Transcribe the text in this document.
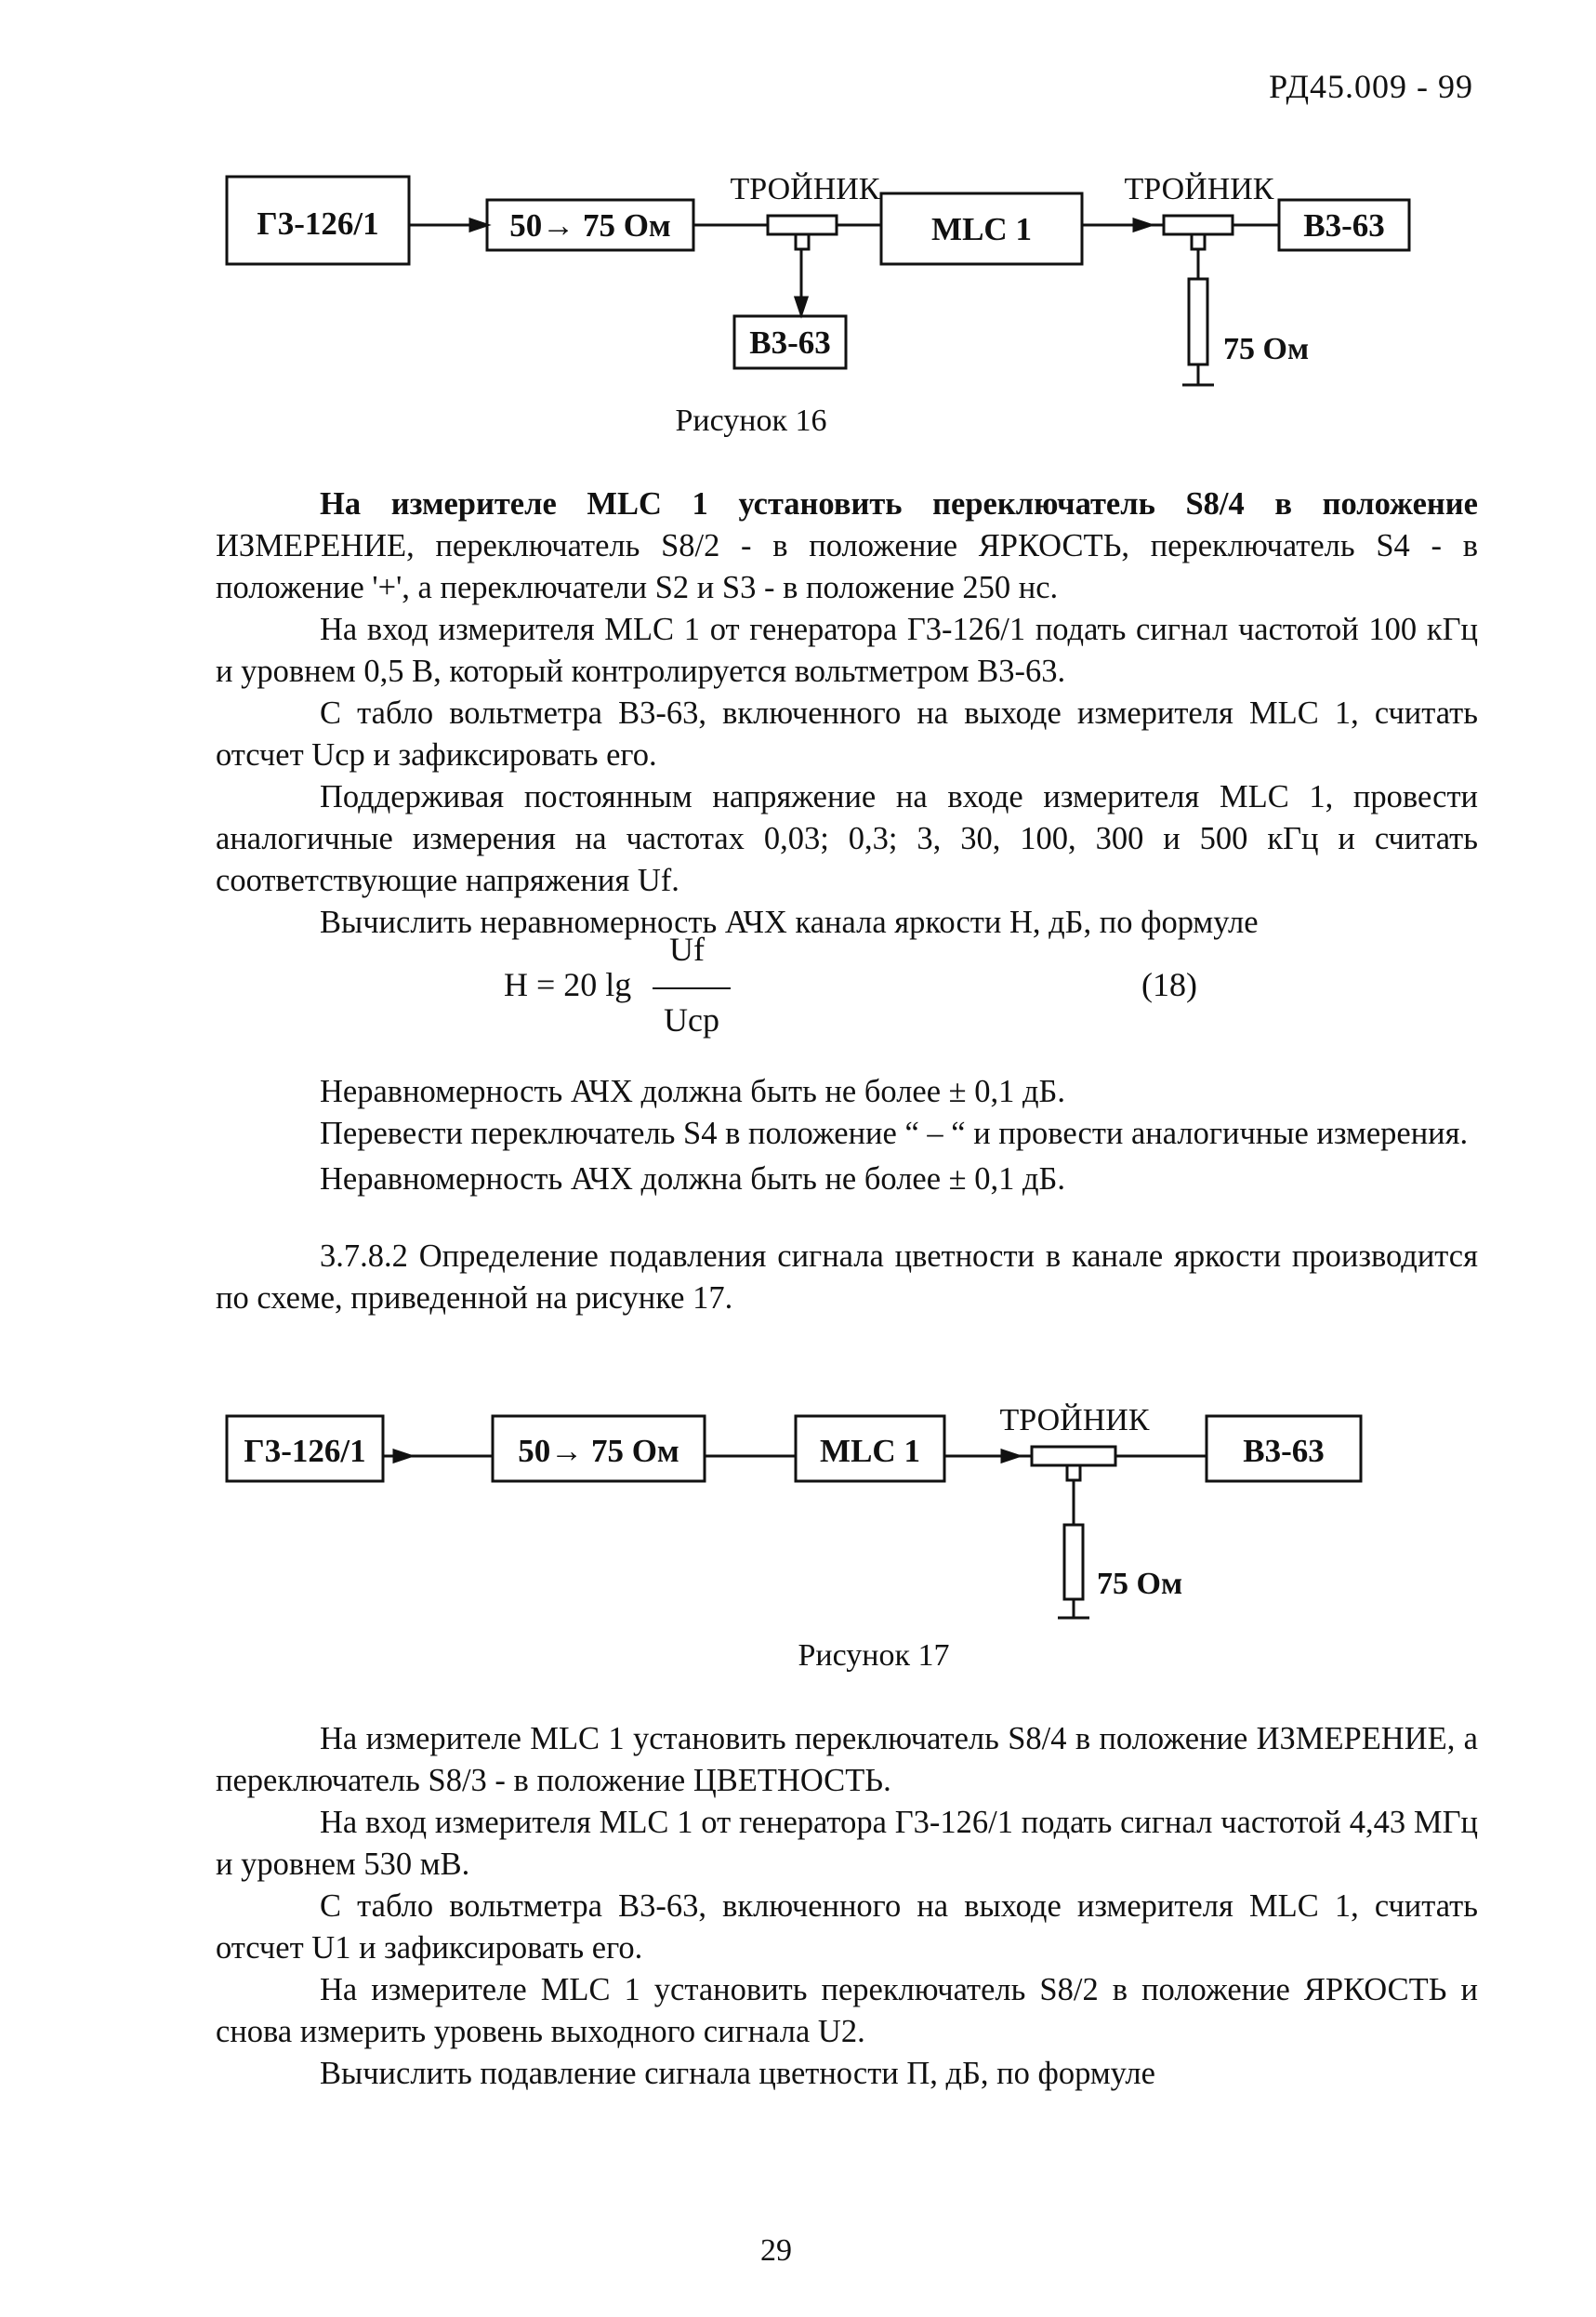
РД45.009 - 99
Г3-126/1	50→ 75 Ом	MLC 1	В3-63
В3-63
ТРОЙНИК	ТРОЙНИК
75 Ом
Г3-126/1	50→ 75 Ом	MLC 1	В3-63
ТРОЙНИК
75 Ом
Рисунок 16

На измерителе MLC 1 установить переключатель S8/4 в положение ИЗМЕРЕНИЕ, переключатель S8/2 - в положение ЯРКОСТЬ, переключатель S4 - в положение '+', а переключатели S2 и S3 - в положение 250 нс.

На вход измерителя MLC 1 от генератора Г3-126/1 подать сигнал частотой 100 кГц и уровнем 0,5 В, который контролируется вольтметром В3-63.

С табло вольтметра В3-63, включенного на выходе измерителя MLC 1, считать отсчет Ucp и зафиксировать его.

Поддерживая постоянным напряжение на входе измерителя MLC 1, провести аналогичные измерения на частотах 0,03; 0,3; 3, 30, 100, 300 и 500 кГц и считать соответствующие напряжения Uf.

Вычислить неравномерность АЧХ канала яркости Н, дБ, по формуле

Uf
H = 20 lg
Ucp
(18)

Неравномерность АЧХ должна быть не более ± 0,1 дБ.

Перевести переключатель S4 в положение “ – “ и провести аналогичные измерения.

Неравномерность АЧХ должна быть не более ± 0,1 дБ.

3.7.8.2 Определение подавления сигнала цветности в канале яркости производится по схеме, приведенной на рисунке 17.

Рисунок 17

На измерителе MLC 1 установить переключатель S8/4 в положение ИЗМЕРЕНИЕ, а переключатель S8/3 - в положение ЦВЕТНОСТЬ.

На вход измерителя MLC 1 от генератора Г3-126/1 подать сигнал частотой 4,43 МГц и уровнем 530 мВ.

С табло вольтметра В3-63, включенного на выходе измерителя MLC 1, считать отсчет U1 и зафиксировать его.

На измерителе MLC 1 установить переключатель S8/2 в положение ЯРКОСТЬ и снова измерить уровень выходного сигнала U2.

Вычислить подавление сигнала цветности П, дБ, по формуле

29
